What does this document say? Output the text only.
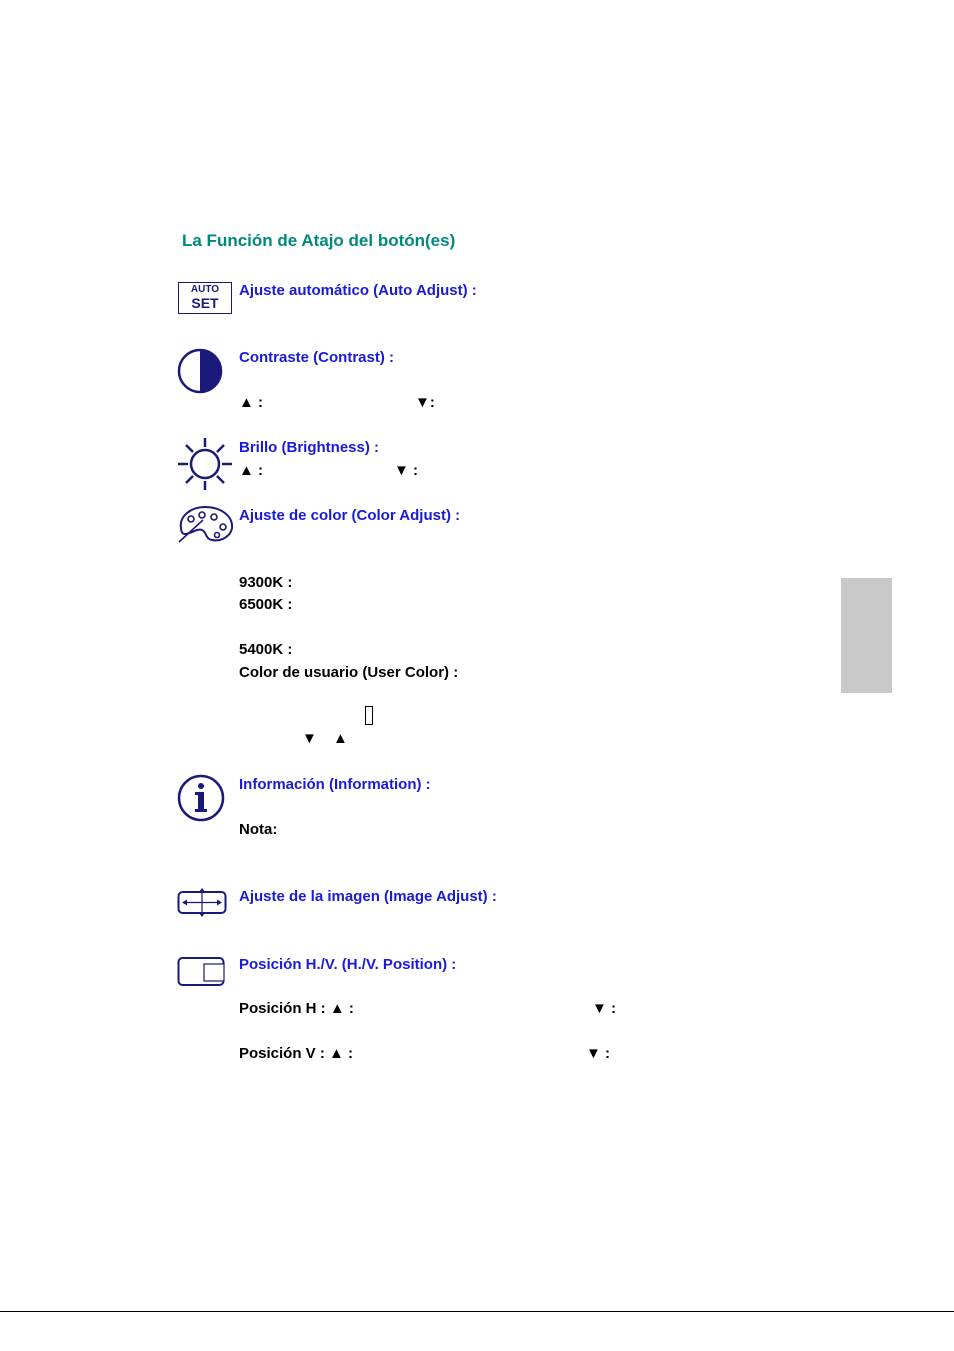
La Función de Atajo del botón(es)
AUTO
SET
Ajuste automático (Auto Adjust) :
Contraste (Contrast) :
▲ :	▼:
Brillo (Brightness) :
▲ :	▼ :
Ajuste de color (Color Adjust) :
9300K :
6500K :
5400K :
Color de usuario (User Color) :
▼ ▲
Información (Information) :
Nota:
Ajuste de la imagen (Image Adjust) :
Posición H./V. (H./V. Position) :
Posición H : ▲ :	▼ :
Posición V : ▲ :	▼ :
